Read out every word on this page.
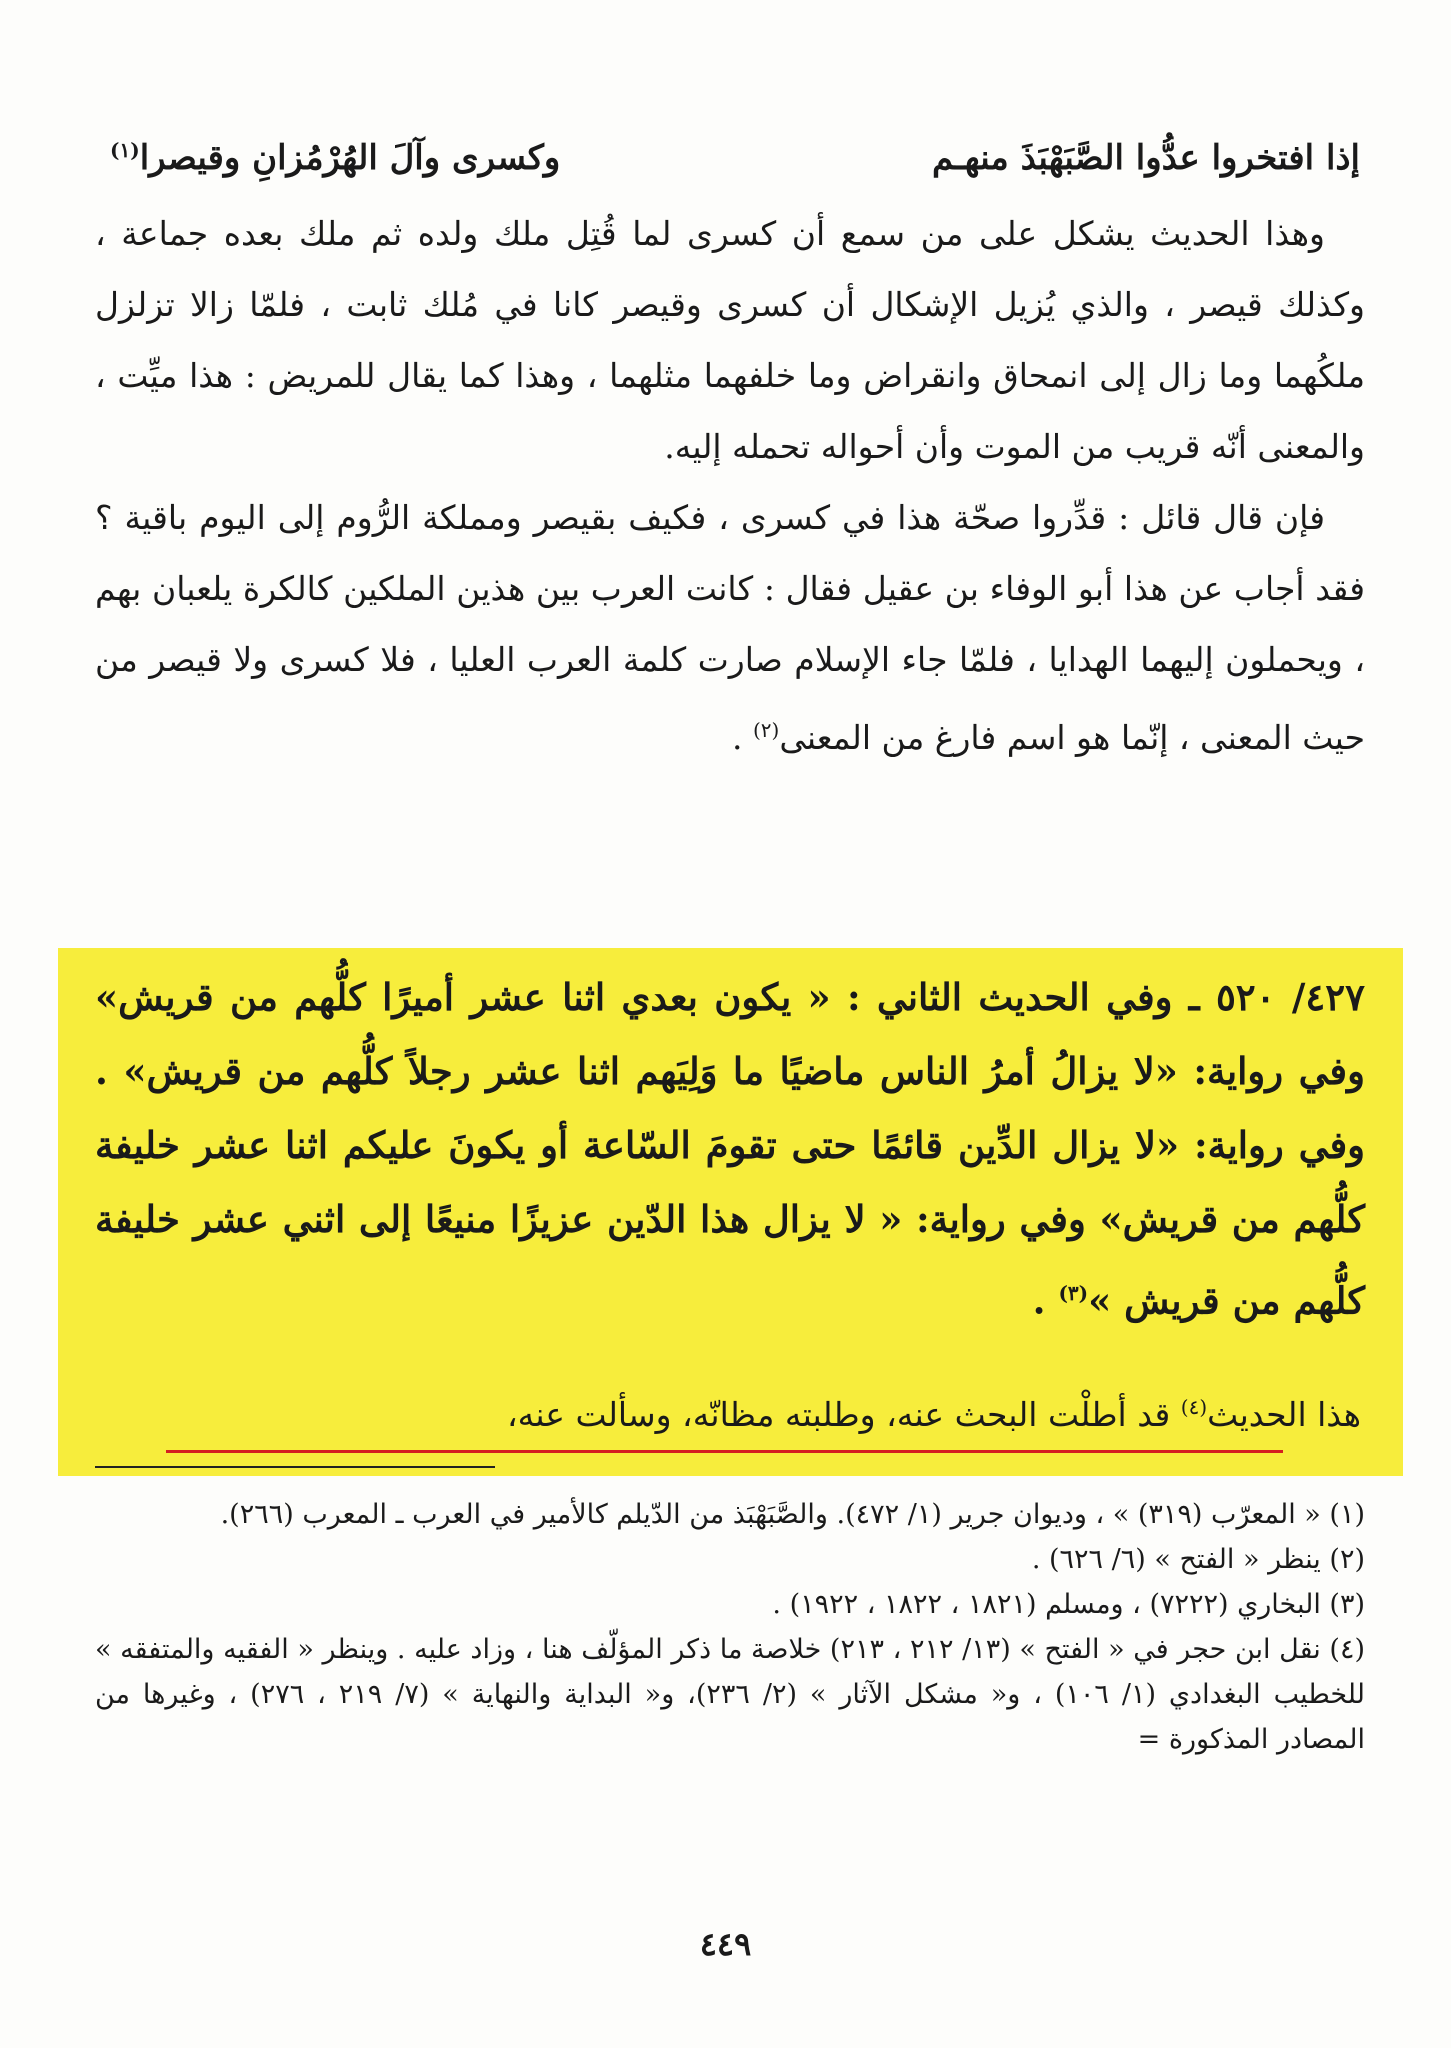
إذا افتخروا عدُّوا الصَّبَهْبَذَ منهـم
وكسرى وآلَ الهُرْمُزانِ وقيصرا(١)

وهذا الحديث يشكل على من سمع أن كسرى لما قُتِل ملك ولده ثم ملك بعده جماعة ، وكذلك قيصر ، والذي يُزيل الإشكال أن كسرى وقيصر كانا في مُلك ثابت ، فلمّا زالا تزلزل ملكُهما وما زال إلى انمحاق وانقراض وما خلفهما مثلهما ، وهذا كما يقال للمريض : هذا ميِّت ، والمعنى أنّه قريب من الموت وأن أحواله تحمله إليه.

فإن قال قائل : قدِّروا صحّة هذا في كسرى ، فكيف بقيصر ومملكة الرُّوم إلى اليوم باقية ؟ فقد أجاب عن هذا أبو الوفاء بن عقيل فقال : كانت العرب بين هذين الملكين كالكرة يلعبان بهم ، ويحملون إليهما الهدايا ، فلمّا جاء الإسلام صارت كلمة العرب العليا ، فلا كسرى ولا قيصر من حيث المعنى ، إنّما هو اسم فارغ من المعنى$^{(٢)}$ .

٤٢٧/ ٥٢٠ ـ وفي الحديث الثاني : « يكون بعدي اثنا عشر أميرًا كلُّهم من قريش» وفي رواية: «لا يزالُ أمرُ الناس ماضيًا ما وَلِيَهم اثنا عشر رجلاً كلُّهم من قريش» . وفي رواية: «لا يزال الدِّين قائمًا حتى تقومَ السّاعة أو يكونَ عليكم اثنا عشر خليفة كلُّهم من قريش» وفي رواية: « لا يزال هذا الدّين عزيزًا منيعًا إلى اثني عشر خليفة كلُّهم من قريش »$^{(٣)}$ .

هذا الحديث$^{(٤)}$ قد أطلْت البحث عنه، وطلبته مظانّه، وسألت عنه،

(١) « المعرّب (٣١٩) » ، وديوان جرير (١/ ٤٧٢). والصَّبَهْبَذ من الدّيلم كالأمير في العرب ـ المعرب (٢٦٦).

(٢) ينظر « الفتح » (٦/ ٦٢٦) .

(٣) البخاري (٧٢٢٢) ، ومسلم (١٨٢١ ، ١٨٢٢ ، ١٩٢٢) .

(٤) نقل ابن حجر في « الفتح » (١٣/ ٢١٢ ، ٢١٣) خلاصة ما ذكر المؤلّف هنا ، وزاد عليه . وينظر « الفقيه والمتفقه » للخطيب البغدادي (١/ ١٠٦) ، و« مشكل الآثار » (٢/ ٢٣٦)، و« البداية والنهاية » (٧/ ٢١٩ ، ٢٧٦) ، وغيرها من المصادر المذكورة =

٤٤٩
